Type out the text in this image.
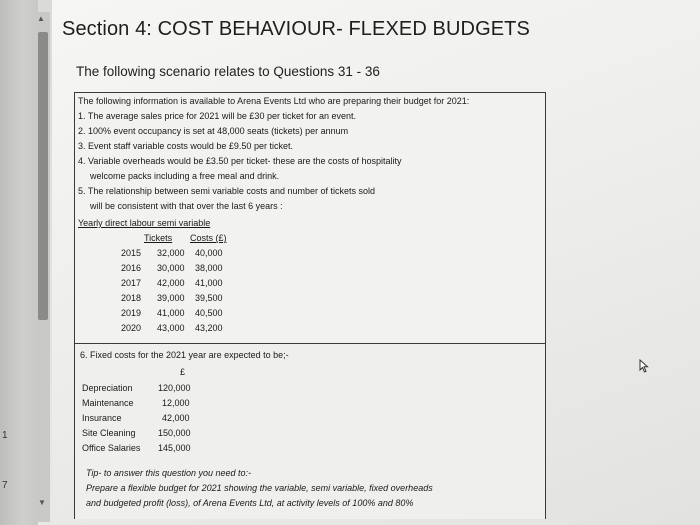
1
7
▲
▼
Section 4: COST BEHAVIOUR- FLEXED BUDGETS
The following scenario relates to Questions 31 - 36
The following information is available to Arena Events Ltd who are preparing their budget for 2021:
1. The average sales price for 2021 will be £30 per ticket for an event.
2. 100% event occupancy is set at 48,000 seats (tickets) per annum
3. Event staff variable costs would be £9.50 per ticket.
4. Variable overheads would be £3.50 per ticket- these are the costs of hospitality
welcome packs including a free meal and drink.
5. The relationship between semi variable costs and number of tickets sold
will be consistent with that over the last 6 years :
Yearly direct labour semi variable
Tickets Costs (£)
2015 32,000 40,000
2016 30,000 38,000
2017 42,000 41,000
2018 39,000 39,500
2019 41,000 40,500
2020 43,000 43,200
6. Fixed costs for the 2021 year are expected to be;-
£
Depreciation	120,000
Maintenance	12,000
Insurance	42,000
Site Cleaning 150,000
Office Salaries 145,000
Tip- to answer this question you need to:-
Prepare a flexible budget for 2021 showing the variable, semi variable, fixed overheads
and budgeted profit (loss), of Arena Events Ltd, at activity levels of 100% and 80%
